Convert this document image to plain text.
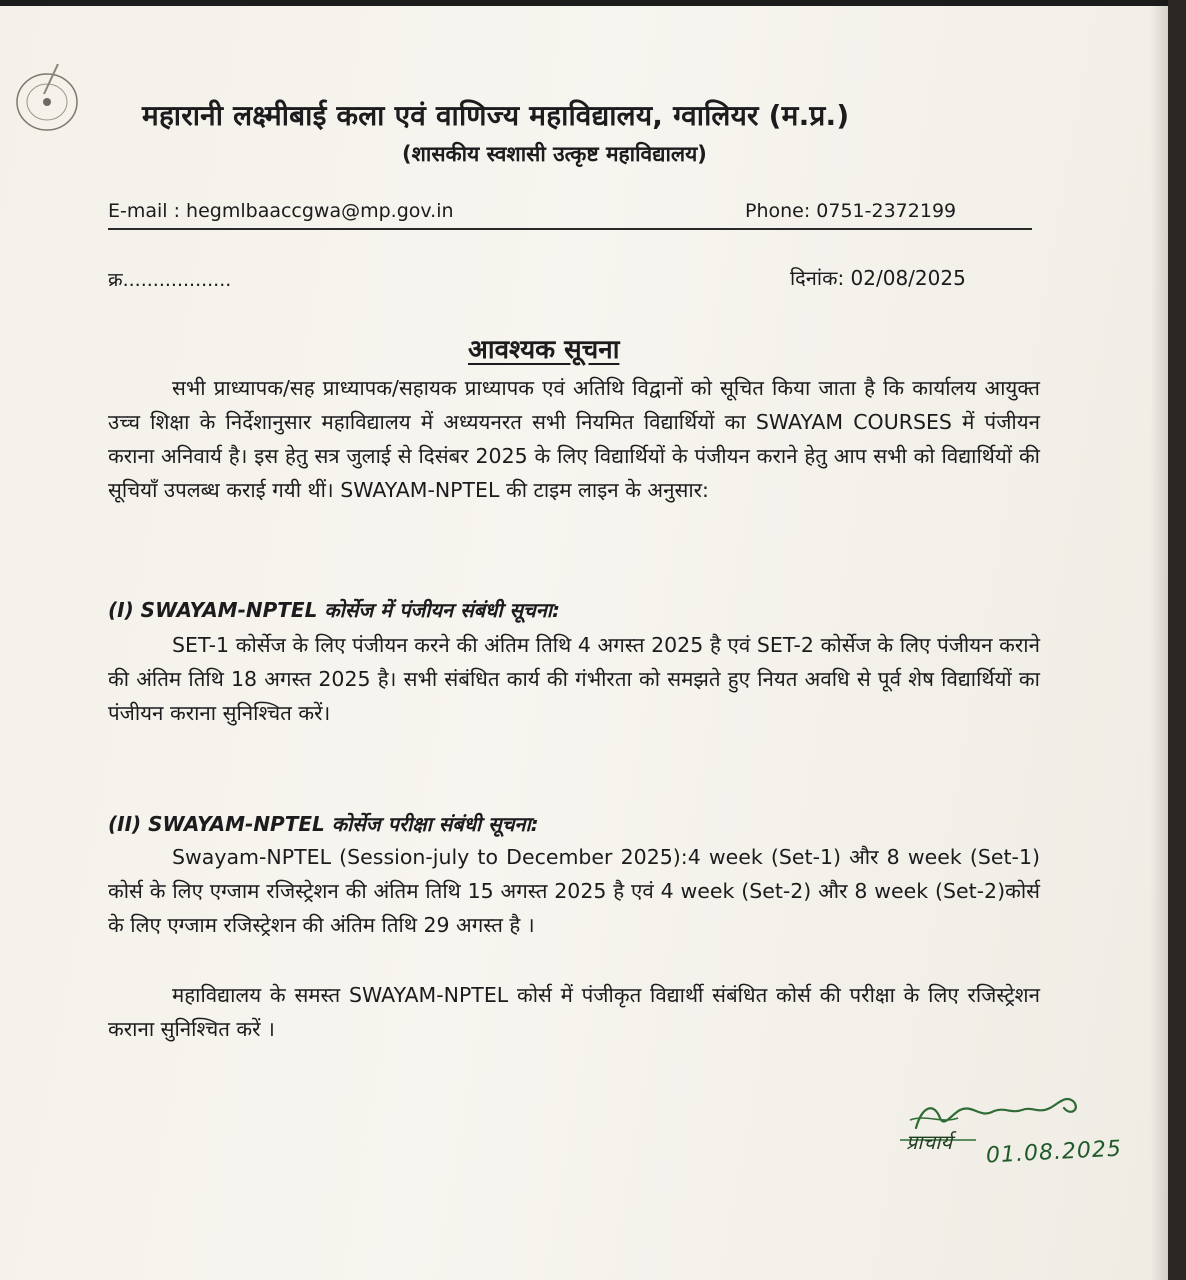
महारानी लक्ष्मीबाई कला एवं वाणिज्य महाविद्यालय, ग्वालियर (म.प्र.)
(शासकीय स्वशासी उत्कृष्ट महाविद्यालय)
E-mail : hegmlbaaccgwa@mp.gov.in	Phone: 0751-2372199
क्र..................	दिनांक: 02/08/2025
आवश्यक सूचना
सभी प्राध्यापक/सह प्राध्यापक/सहायक प्राध्यापक एवं अतिथि विद्वानों को सूचित किया जाता है कि कार्यालय आयुक्त उच्च शिक्षा के निर्देशानुसार महाविद्यालय में अध्ययनरत सभी नियमित विद्यार्थियों का SWAYAM COURSES में पंजीयन कराना अनिवार्य है। इस हेतु सत्र जुलाई से दिसंबर 2025 के लिए विद्यार्थियों के पंजीयन कराने हेतु आप सभी को विद्यार्थियों की सूचियाँ उपलब्ध कराई गयी थीं। SWAYAM-NPTEL की टाइम लाइन के अनुसार:
(I) SWAYAM-NPTEL कोर्सेज में पंजीयन संबंधी सूचना:
SET-1 कोर्सेज के लिए पंजीयन करने की अंतिम तिथि 4 अगस्त 2025 है एवं SET-2 कोर्सेज के लिए पंजीयन कराने की अंतिम तिथि 18 अगस्त 2025 है। सभी संबंधित कार्य की गंभीरता को समझते हुए नियत अवधि से पूर्व शेष विद्यार्थियों का पंजीयन कराना सुनिश्चित करें।
(II) SWAYAM-NPTEL कोर्सेज परीक्षा संबंधी सूचना:
Swayam-NPTEL (Session-july to December 2025):4 week (Set-1) और 8 week (Set-1) कोर्स के लिए एग्जाम रजिस्ट्रेशन की अंतिम तिथि 15 अगस्त 2025 है एवं 4 week (Set-2) और 8 week (Set-2)कोर्स के लिए एग्जाम रजिस्ट्रेशन की अंतिम तिथि 29 अगस्त है ।
महाविद्यालय के समस्त SWAYAM-NPTEL कोर्स में पंजीकृत विद्यार्थी संबंधित कोर्स की परीक्षा के लिए रजिस्ट्रेशन कराना सुनिश्चित करें ।
प्राचार्य 01.08.2025
